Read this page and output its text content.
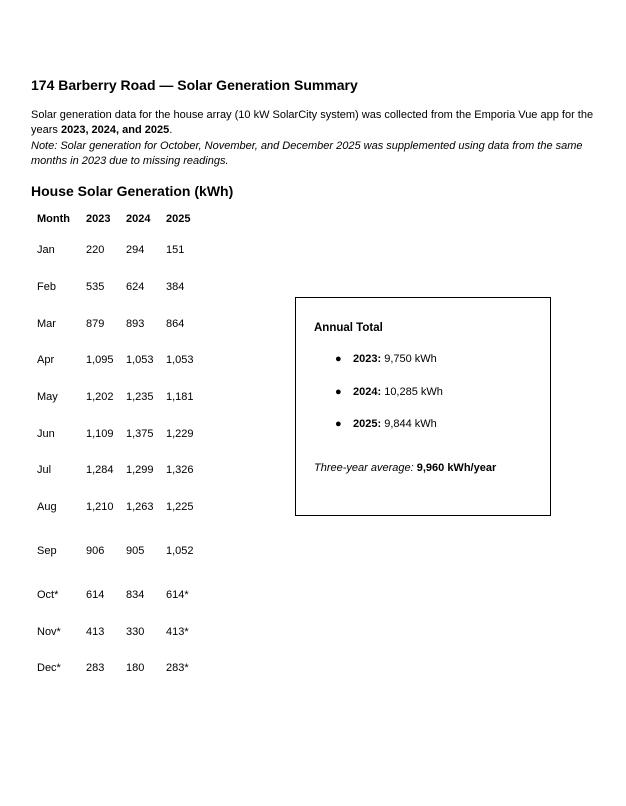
174 Barberry Road — Solar Generation Summary

Solar generation data for the house array (10 kW SolarCity system) was collected from the Emporia Vue app for the years 2023, 2024, and 2025.

Note: Solar generation for October, November, and December 2025 was supplemented using data from the same months in 2023 due to missing readings.

House Solar Generation (kWh)
Month	2023	2024	2025
Jan	220	294	151
Feb	535	624	384
Mar	879	893	864
Apr	1,095	1,053	1,053
May	1,202	1,235	1,181
Jun	1,109	1,375	1,229
Jul	1,284	1,299	1,326
Aug	1,210	1,263	1,225
Sep	906	905	1,052
Oct*	614	834	614*
Nov*	413	330	413*
Dec*	283	180	283*

Annual Total

● 2023: 9,750 kWh
● 2024: 10,285 kWh
● 2025: 9,844 kWh

Three-year average: 9,960 kWh/year
